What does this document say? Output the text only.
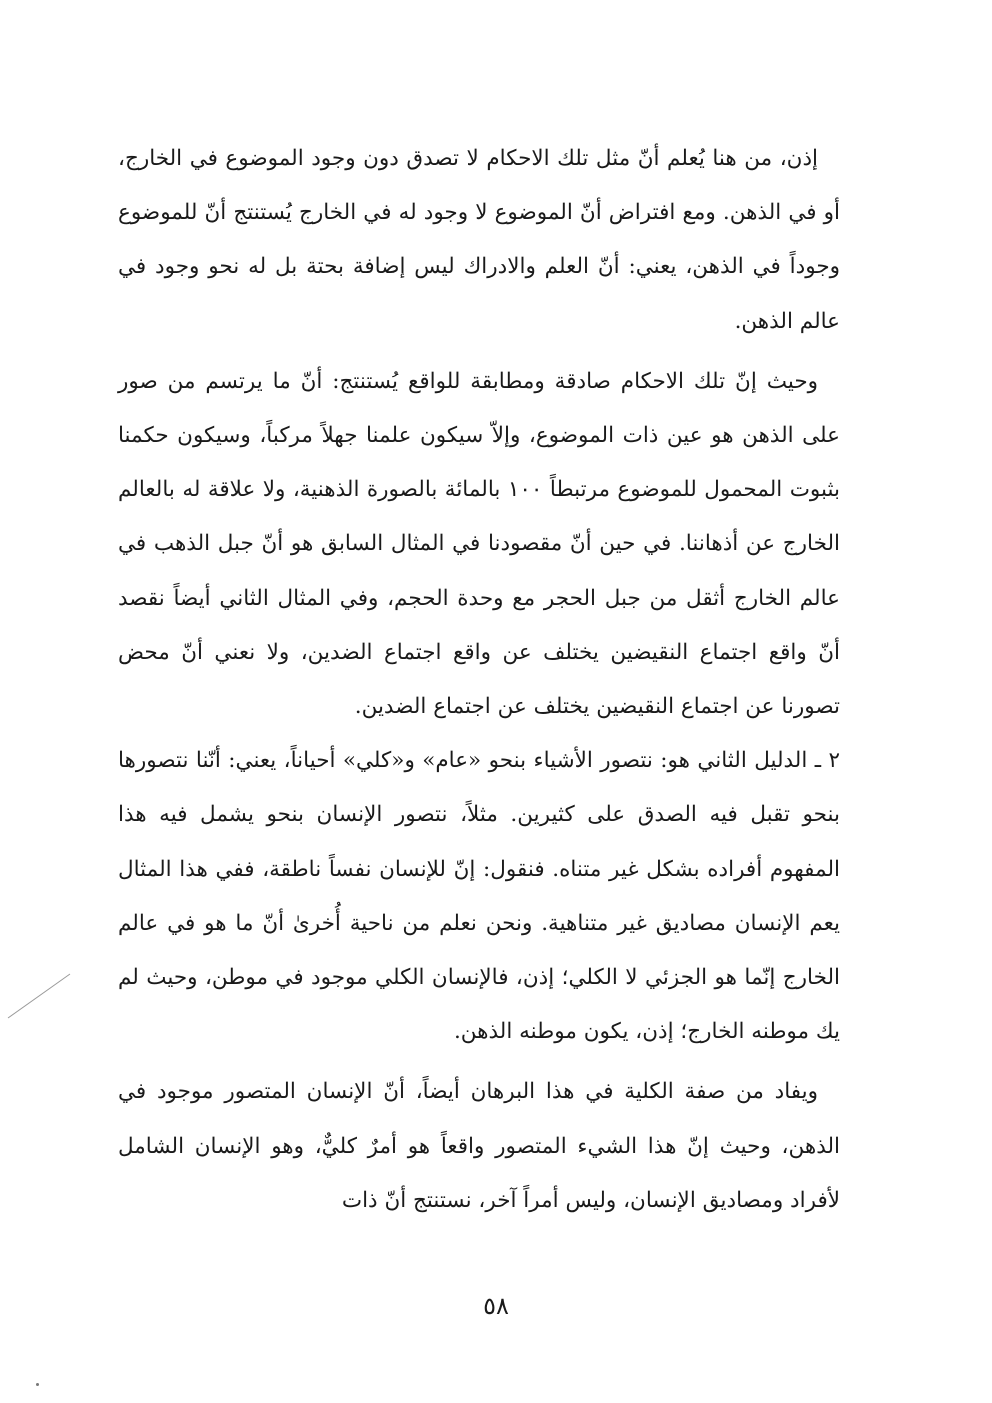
إذن، من هنا يُعلم أنّ مثل تلك الاحكام لا تصدق دون وجود الموضوع في الخارج، أو في الذهن. ومع افتراض أنّ الموضوع لا وجود له في الخارج يُستنتج أنّ للموضوع وجوداً في الذهن، يعني: أنّ العلم والادراك ليس إضافة بحتة بل له نحو وجود في عالم الذهن.

وحيث إنّ تلك الاحكام صادقة ومطابقة للواقع يُستنتج: أنّ ما يرتسم من صور على الذهن هو عين ذات الموضوع، وإلاّ سيكون علمنا جهلاً مركباً، وسيكون حكمنا بثبوت المحمول للموضوع مرتبطاً ١٠٠ بالمائة بالصورة الذهنية، ولا علاقة له بالعالم الخارج عن أذهاننا. في حين أنّ مقصودنا في المثال السابق هو أنّ جبل الذهب في عالم الخارج أثقل من جبل الحجر مع وحدة الحجم، وفي المثال الثاني أيضاً نقصد أنّ واقع اجتماع النقيضين يختلف عن واقع اجتماع الضدين، ولا نعني أنّ محض تصورنا عن اجتماع النقيضين يختلف عن اجتماع الضدين.

٢ ـ الدليل الثاني هو: نتصور الأشياء بنحو «عام» و«كلي» أحياناً، يعني: أنّنا نتصورها بنحو تقبل فيه الصدق على كثيرين. مثلاً، نتصور الإنسان بنحو يشمل فيه هذا المفهوم أفراده بشكل غير متناه. فنقول: إنّ للإنسان نفساً ناطقة، ففي هذا المثال يعم الإنسان مصاديق غير متناهية. ونحن نعلم من ناحية أُخرىٰ أنّ ما هو في عالم الخارج إنّما هو الجزئي لا الكلي؛ إذن، فالإنسان الكلي موجود في موطن، وحيث لم يك موطنه الخارج؛ إذن، يكون موطنه الذهن.

ويفاد من صفة الكلية في هذا البرهان أيضاً، أنّ الإنسان المتصور موجود في الذهن، وحيث إنّ هذا الشيء المتصور واقعاً هو أمرٌ كليٌّ، وهو الإنسان الشامل لأفراد ومصاديق الإنسان، وليس أمراً آخر، نستنتج أنّ ذات

٥٨
